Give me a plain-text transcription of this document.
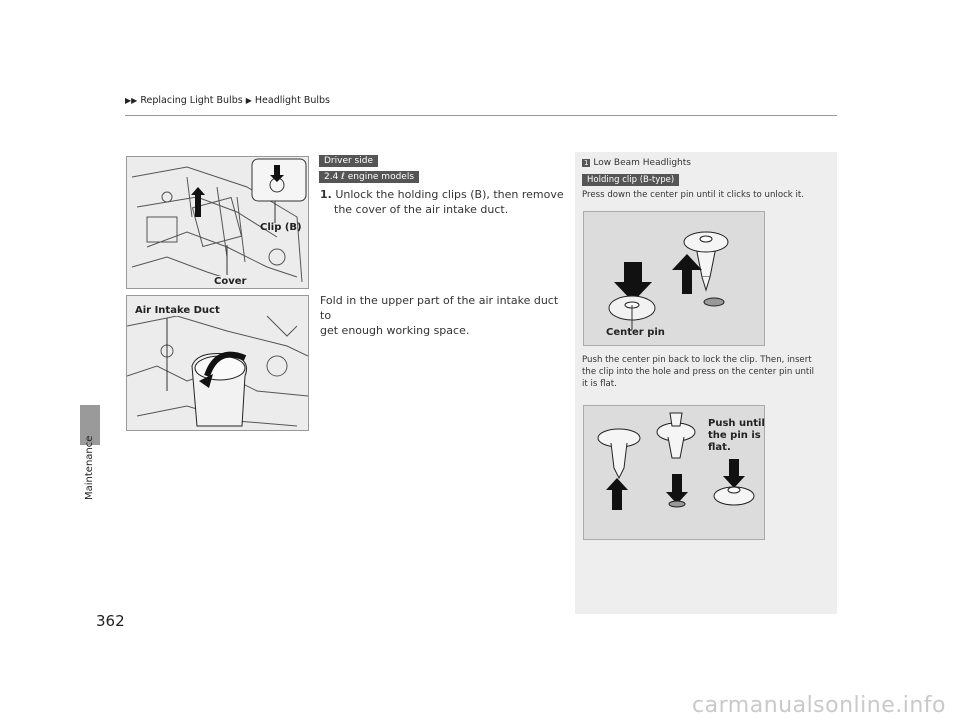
▶▶ Replacing Light Bulbs ▶ Headlight Bulbs
Maintenance
362
Clip (B)
Cover
Air Intake Duct
Driver side
2.4 ℓ engine models
1. Unlock the holding clips (B), then remove
the cover of the air intake duct.
Fold in the upper part of the air intake duct to
get enough working space.
1 Low Beam Headlights
Holding clip (B-type)
Press down the center pin until it clicks to unlock it.
Center pin
Push the center pin back to lock the clip. Then, insert
the clip into the hole and press on the center pin until
it is flat.
Push until
the pin is
flat.
carmanualsonline.info
